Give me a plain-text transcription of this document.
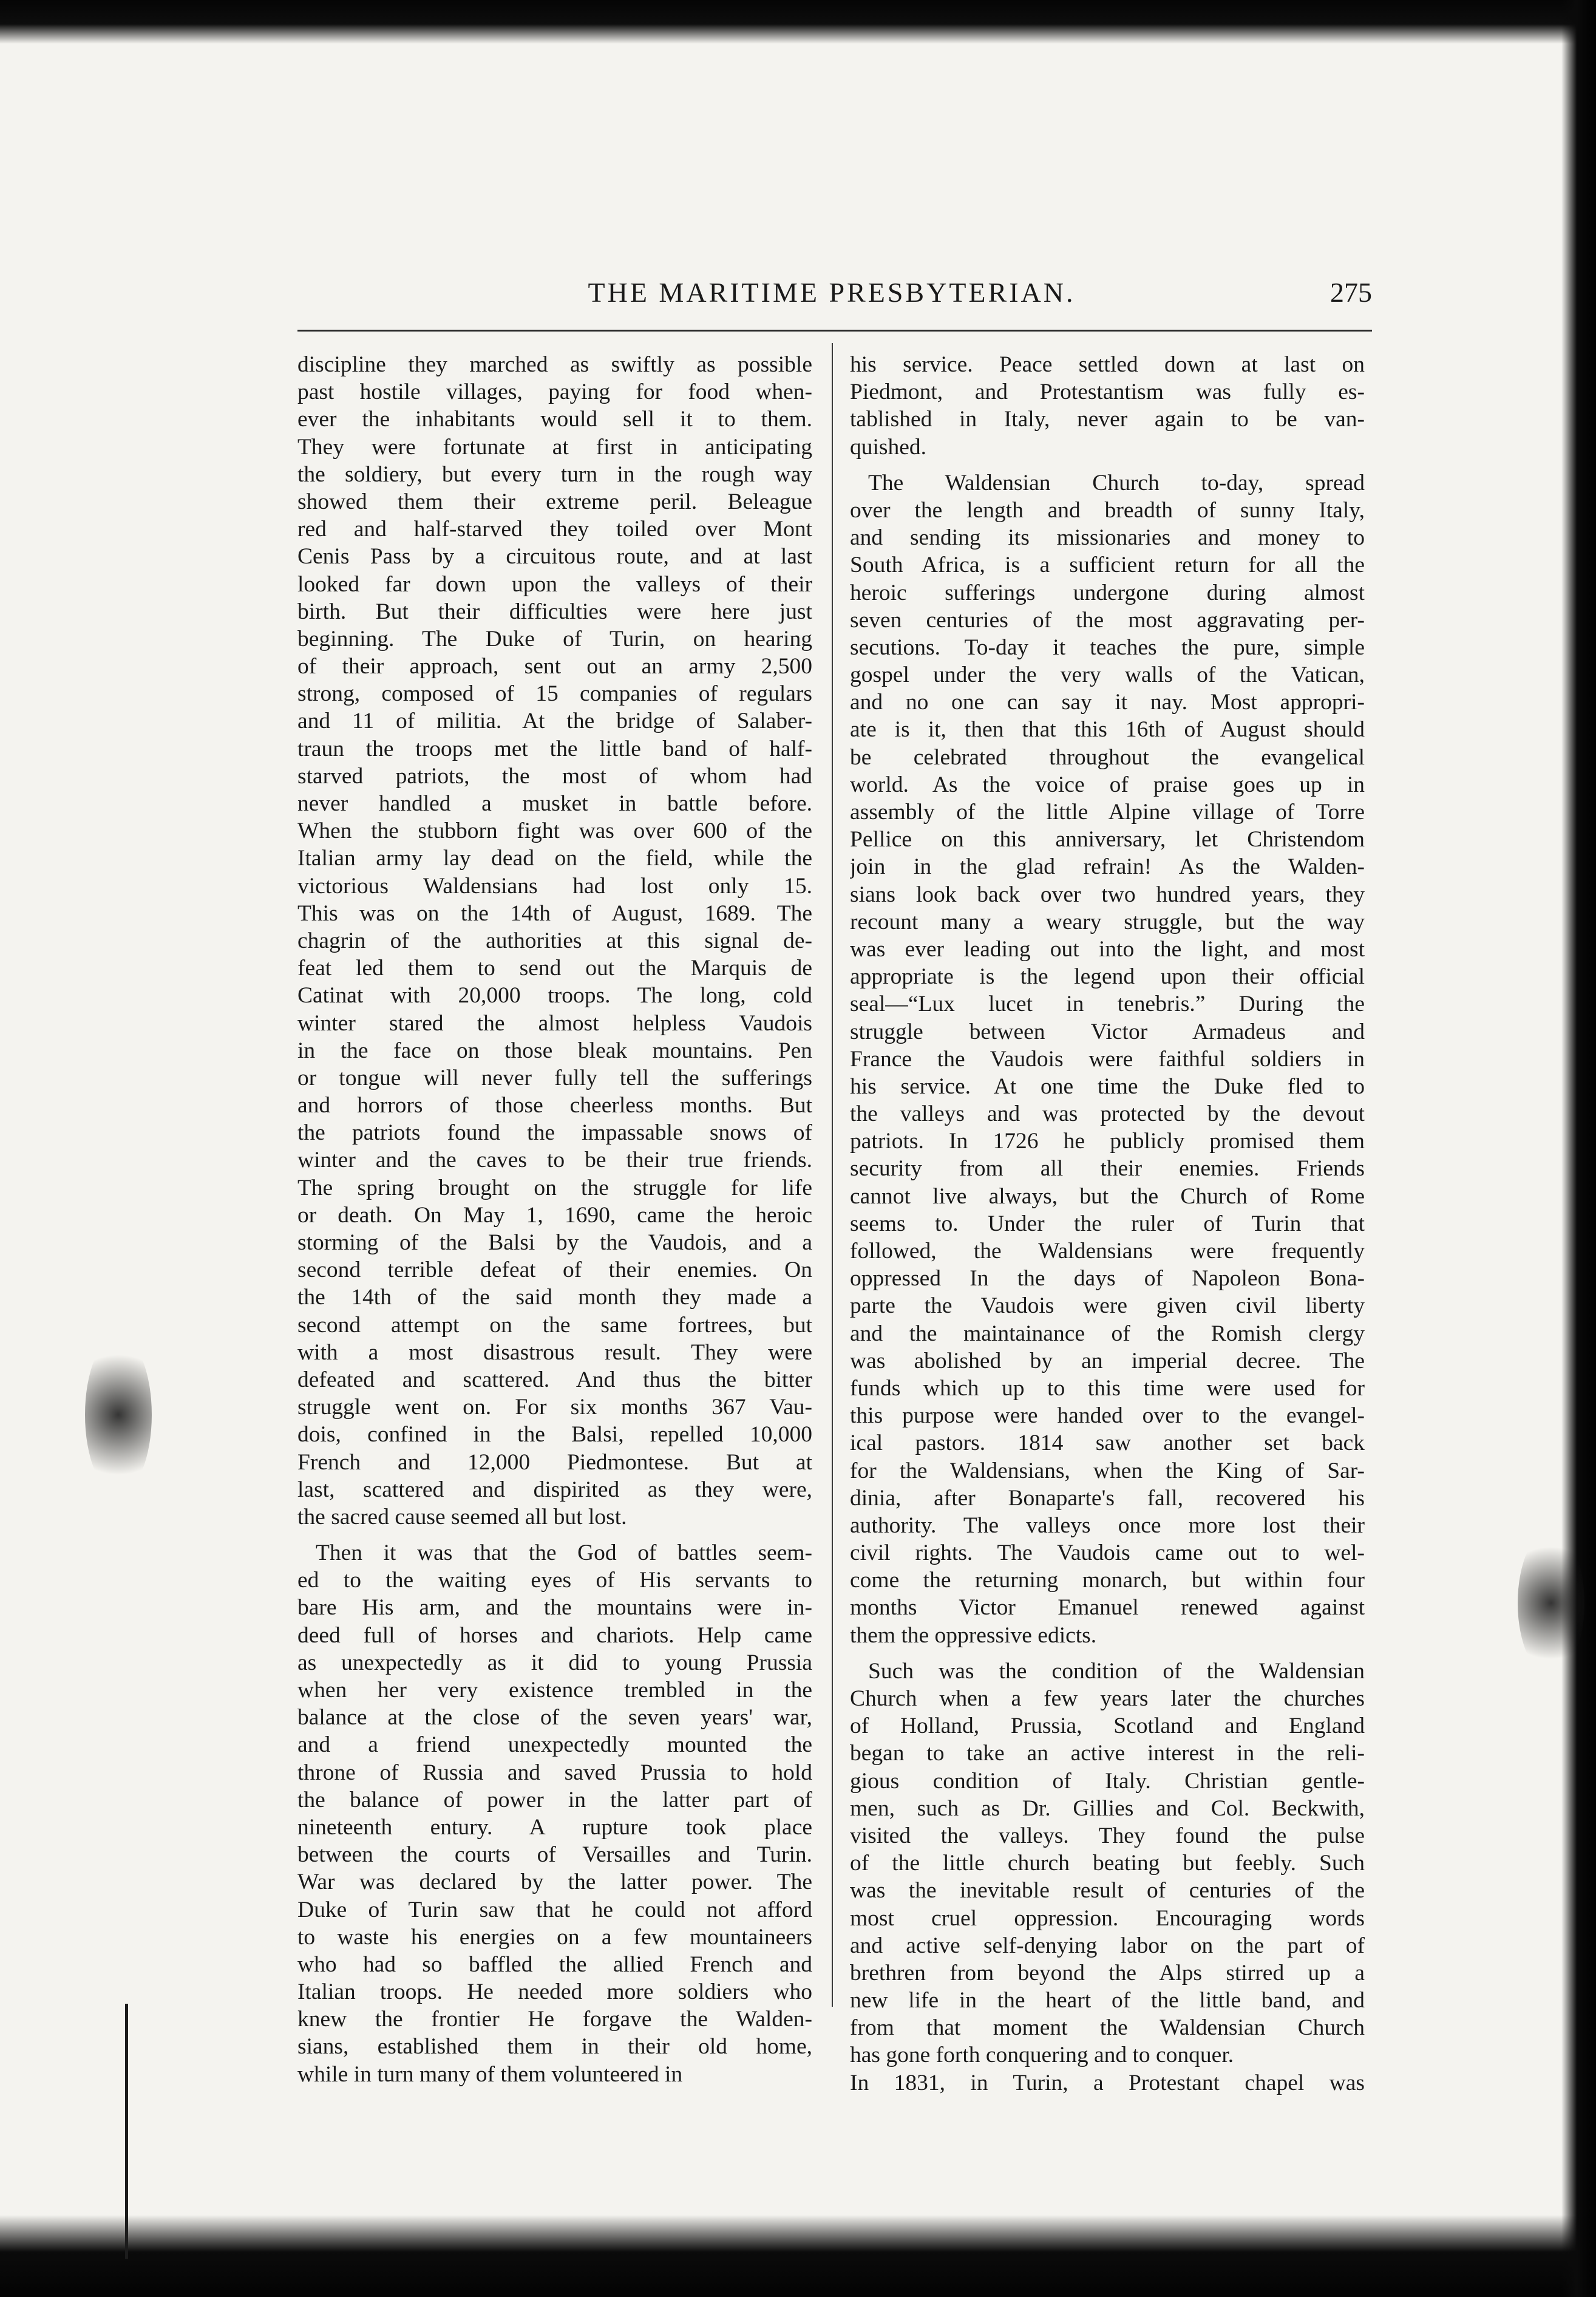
THE MARITIME PRESBYTERIAN.	275
discipline they marched as swiftly as possible
past hostile villages, paying for food when-
ever the inhabitants would sell it to them.
They were fortunate at first in anticipating
the soldiery, but every turn in the rough way
showed them their extreme peril. Beleague
red and half-starved they toiled over Mont
Cenis Pass by a circuitous route, and at last
looked far down upon the valleys of their
birth. But their difficulties were here just
beginning. The Duke of Turin, on hearing
of their approach, sent out an army 2,500
strong, composed of 15 companies of regulars
and 11 of militia. At the bridge of Salaber-
traun the troops met the little band of half-
starved patriots, the most of whom had
never handled a musket in battle before.
When the stubborn fight was over 600 of the
Italian army lay dead on the field, while the
victorious Waldensians had lost only 15.
This was on the 14th of August, 1689. The
chagrin of the authorities at this signal de-
feat led them to send out the Marquis de
Catinat with 20,000 troops. The long, cold
winter stared the almost helpless Vaudois
in the face on those bleak mountains. Pen
or tongue will never fully tell the sufferings
and horrors of those cheerless months. But
the patriots found the impassable snows of
winter and the caves to be their true friends.
The spring brought on the struggle for life
or death. On May 1, 1690, came the heroic
storming of the Balsi by the Vaudois, and a
second terrible defeat of their enemies. On
the 14th of the said month they made a
second attempt on the same fortrees, but
with a most disastrous result. They were
defeated and scattered. And thus the bitter
struggle went on. For six months 367 Vau-
dois, confined in the Balsi, repelled 10,000
French and 12,000 Piedmontese. But at
last, scattered and dispirited as they were,
the sacred cause seemed all but lost.
Then it was that the God of battles seem-
ed to the waiting eyes of His servants to
bare His arm, and the mountains were in-
deed full of horses and chariots. Help came
as unexpectedly as it did to young Prussia
when her very existence trembled in the
balance at the close of the seven years' war,
and a friend unexpectedly mounted the
throne of Russia and saved Prussia to hold
the balance of power in the latter part of
nineteenth entury. A rupture took place
between the courts of Versailles and Turin.
War was declared by the latter power. The
Duke of Turin saw that he could not afford
to waste his energies on a few mountaineers
who had so baffled the allied French and
Italian troops. He needed more soldiers who
knew the frontier He forgave the Walden-
sians, established them in their old home,
while in turn many of them volunteered in
his service. Peace settled down at last on
Piedmont, and Protestantism was fully es-
tablished in Italy, never again to be van-
quished.
The Waldensian Church to-day, spread
over the length and breadth of sunny Italy,
and sending its missionaries and money to
South Africa, is a sufficient return for all the
heroic sufferings undergone during almost
seven centuries of the most aggravating per-
secutions. To-day it teaches the pure, simple
gospel under the very walls of the Vatican,
and no one can say it nay. Most appropri-
ate is it, then that this 16th of August should
be celebrated throughout the evangelical
world. As the voice of praise goes up in
assembly of the little Alpine village of Torre
Pellice on this anniversary, let Christendom
join in the glad refrain! As the Walden-
sians look back over two hundred years, they
recount many a weary struggle, but the way
was ever leading out into the light, and most
appropriate is the legend upon their official
seal—“Lux lucet in tenebris.” During the
struggle between Victor Armadeus and
France the Vaudois were faithful soldiers in
his service. At one time the Duke fled to
the valleys and was protected by the devout
patriots. In 1726 he publicly promised them
security from all their enemies. Friends
cannot live always, but the Church of Rome
seems to. Under the ruler of Turin that
followed, the Waldensians were frequently
oppressed In the days of Napoleon Bona-
parte the Vaudois were given civil liberty
and the maintainance of the Romish clergy
was abolished by an imperial decree. The
funds which up to this time were used for
this purpose were handed over to the evangel-
ical pastors. 1814 saw another set back
for the Waldensians, when the King of Sar-
dinia, after Bonaparte's fall, recovered his
authority. The valleys once more lost their
civil rights. The Vaudois came out to wel-
come the returning monarch, but within four
months Victor Emanuel renewed against
them the oppressive edicts.
Such was the condition of the Waldensian
Church when a few years later the churches
of Holland, Prussia, Scotland and England
began to take an active interest in the reli-
gious condition of Italy. Christian gentle-
men, such as Dr. Gillies and Col. Beckwith,
visited the valleys. They found the pulse
of the little church beating but feebly. Such
was the inevitable result of centuries of the
most cruel oppression. Encouraging words
and active self-denying labor on the part of
brethren from beyond the Alps stirred up a
new life in the heart of the little band, and
from that moment the Waldensian Church
has gone forth conquering and to conquer.
In 1831, in Turin, a Protestant chapel was
